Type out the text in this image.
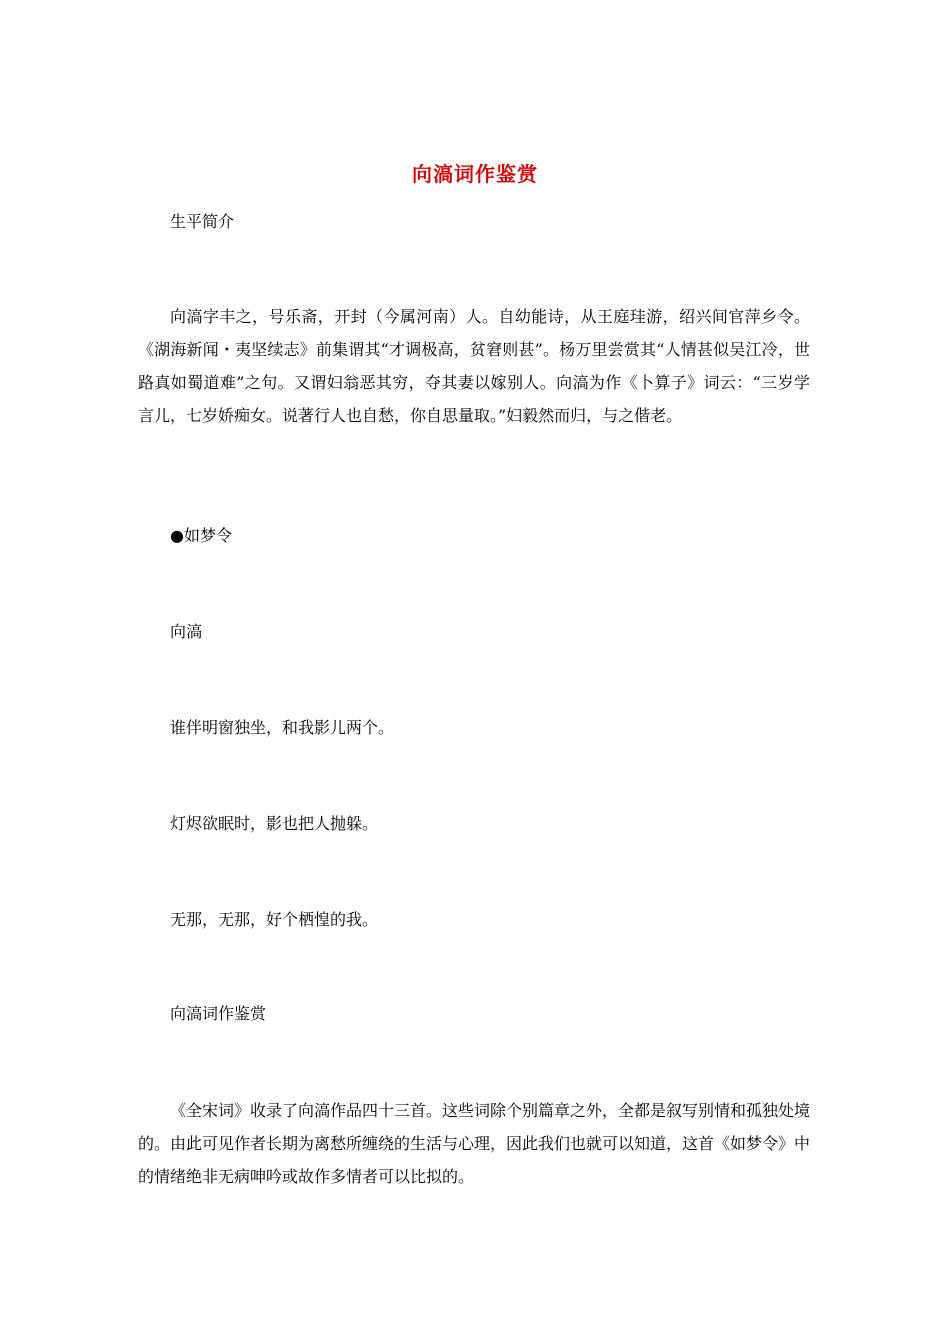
向滈词作鉴赏
生平简介
向滈字丰之，号乐斋，开封（今属河南）人。自幼能诗，从王庭珪游，绍兴间官萍乡令。《湖海新闻・夷坚续志》前集谓其“才调极高，贫窘则甚”。杨万里尝赏其“人情甚似吴江冷，世路真如蜀道难”之句。又谓妇翁恶其穷，夺其妻以嫁别人。向滈为作《卜算子》词云：“三岁学言儿，七岁娇痴女。说著行人也自愁，你自思量取。”妇毅然而归，与之偕老。
●如梦令
向滈
谁伴明窗独坐，和我影儿两个。
灯烬欲眠时，影也把人抛躲。
无那，无那，好个栖惶的我。
向滈词作鉴赏
《全宋词》收录了向滈作品四十三首。这些词除个别篇章之外，全都是叙写别情和孤独处境的。由此可见作者长期为离愁所缠绕的生活与心理，因此我们也就可以知道，这首《如梦令》中的情绪绝非无病呻吟或故作多情者可以比拟的。
